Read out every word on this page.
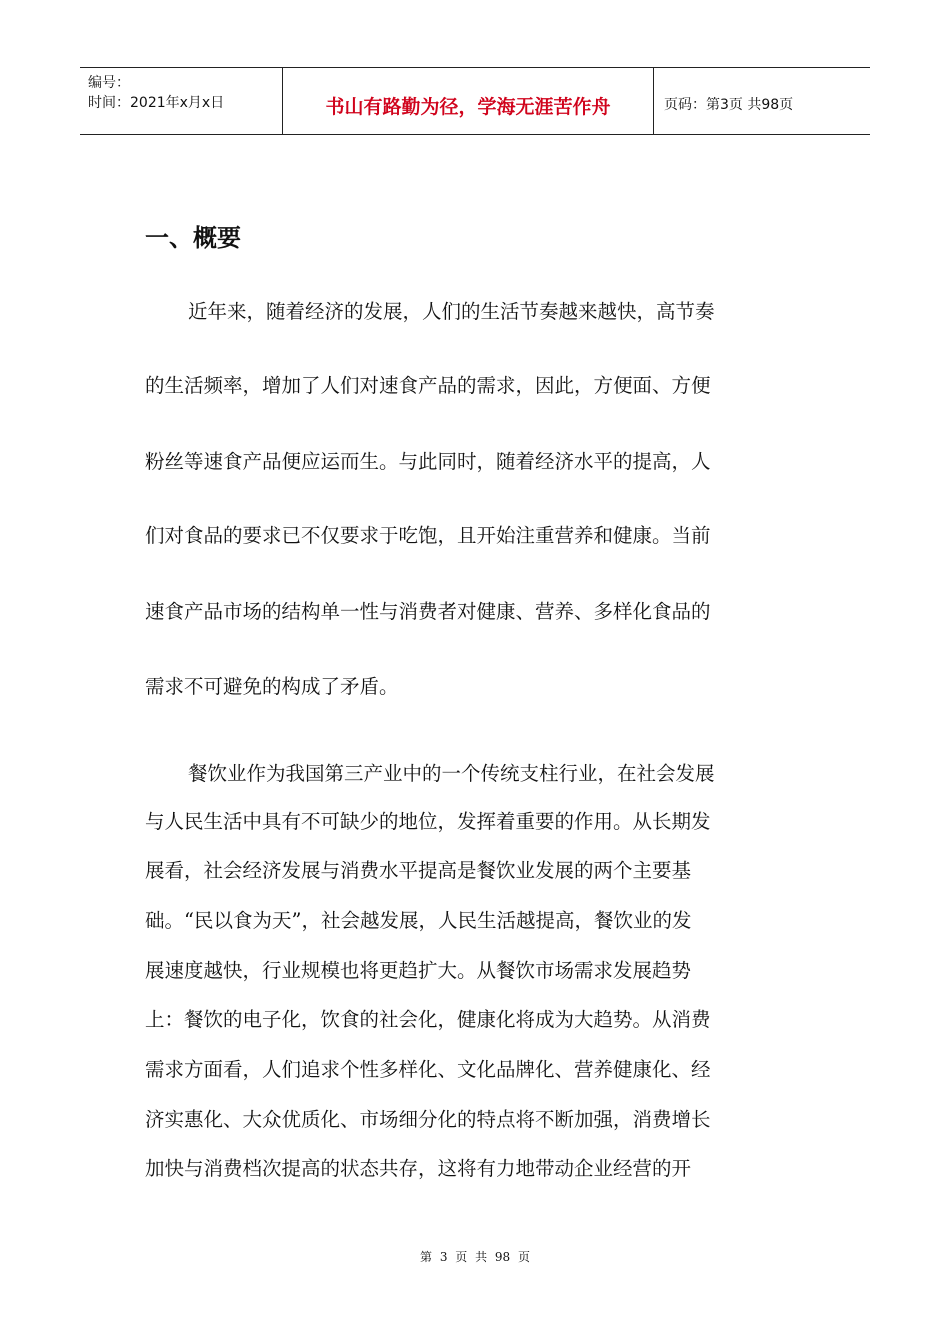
编号：
时间：2021年x月x日	书山有路勤为径，学海无涯苦作舟	页码：第3页 共98页
一、概要

近年来，随着经济的发展，人们的生活节奏越来越快，高节奏

的生活频率，增加了人们对速食产品的需求，因此，方便面、方便

粉丝等速食产品便应运而生。与此同时，随着经济水平的提高，人

们对食品的要求已不仅要求于吃饱，且开始注重营养和健康。当前

速食产品市场的结构单一性与消费者对健康、营养、多样化食品的

需求不可避免的构成了矛盾。

餐饮业作为我国第三产业中的一个传统支柱行业，在社会发展

与人民生活中具有不可缺少的地位，发挥着重要的作用。从长期发

展看，社会经济发展与消费水平提高是餐饮业发展的两个主要基

础。“民以食为天”，社会越发展，人民生活越提高，餐饮业的发

展速度越快，行业规模也将更趋扩大。从餐饮市场需求发展趋势

上：餐饮的电子化，饮食的社会化，健康化将成为大趋势。从消费

需求方面看，人们追求个性多样化、文化品牌化、营养健康化、经

济实惠化、大众优质化、市场细分化的特点将不断加强，消费增长

加快与消费档次提高的状态共存，这将有力地带动企业经营的开

第 3 页 共 98 页
